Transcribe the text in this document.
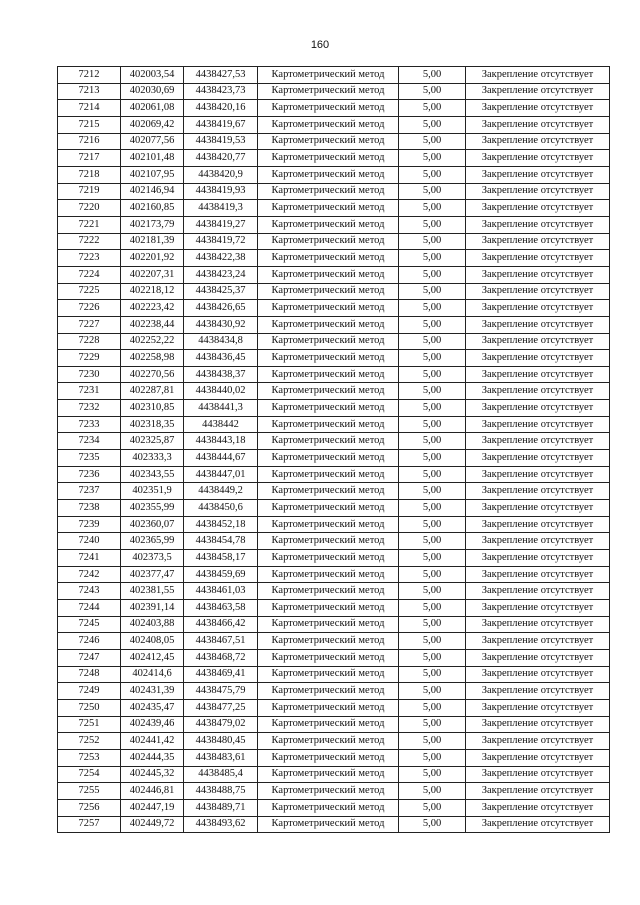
160
7212	402003,54	4438427,53	Картометрический метод	5,00	Закрепление отсутствует
7213	402030,69	4438423,73	Картометрический метод	5,00	Закрепление отсутствует
7214	402061,08	4438420,16	Картометрический метод	5,00	Закрепление отсутствует
7215	402069,42	4438419,67	Картометрический метод	5,00	Закрепление отсутствует
7216	402077,56	4438419,53	Картометрический метод	5,00	Закрепление отсутствует
7217	402101,48	4438420,77	Картометрический метод	5,00	Закрепление отсутствует
7218	402107,95	4438420,9	Картометрический метод	5,00	Закрепление отсутствует
7219	402146,94	4438419,93	Картометрический метод	5,00	Закрепление отсутствует
7220	402160,85	4438419,3	Картометрический метод	5,00	Закрепление отсутствует
7221	402173,79	4438419,27	Картометрический метод	5,00	Закрепление отсутствует
7222	402181,39	4438419,72	Картометрический метод	5,00	Закрепление отсутствует
7223	402201,92	4438422,38	Картометрический метод	5,00	Закрепление отсутствует
7224	402207,31	4438423,24	Картометрический метод	5,00	Закрепление отсутствует
7225	402218,12	4438425,37	Картометрический метод	5,00	Закрепление отсутствует
7226	402223,42	4438426,65	Картометрический метод	5,00	Закрепление отсутствует
7227	402238,44	4438430,92	Картометрический метод	5,00	Закрепление отсутствует
7228	402252,22	4438434,8	Картометрический метод	5,00	Закрепление отсутствует
7229	402258,98	4438436,45	Картометрический метод	5,00	Закрепление отсутствует
7230	402270,56	4438438,37	Картометрический метод	5,00	Закрепление отсутствует
7231	402287,81	4438440,02	Картометрический метод	5,00	Закрепление отсутствует
7232	402310,85	4438441,3	Картометрический метод	5,00	Закрепление отсутствует
7233	402318,35	4438442	Картометрический метод	5,00	Закрепление отсутствует
7234	402325,87	4438443,18	Картометрический метод	5,00	Закрепление отсутствует
7235	402333,3	4438444,67	Картометрический метод	5,00	Закрепление отсутствует
7236	402343,55	4438447,01	Картометрический метод	5,00	Закрепление отсутствует
7237	402351,9	4438449,2	Картометрический метод	5,00	Закрепление отсутствует
7238	402355,99	4438450,6	Картометрический метод	5,00	Закрепление отсутствует
7239	402360,07	4438452,18	Картометрический метод	5,00	Закрепление отсутствует
7240	402365,99	4438454,78	Картометрический метод	5,00	Закрепление отсутствует
7241	402373,5	4438458,17	Картометрический метод	5,00	Закрепление отсутствует
7242	402377,47	4438459,69	Картометрический метод	5,00	Закрепление отсутствует
7243	402381,55	4438461,03	Картометрический метод	5,00	Закрепление отсутствует
7244	402391,14	4438463,58	Картометрический метод	5,00	Закрепление отсутствует
7245	402403,88	4438466,42	Картометрический метод	5,00	Закрепление отсутствует
7246	402408,05	4438467,51	Картометрический метод	5,00	Закрепление отсутствует
7247	402412,45	4438468,72	Картометрический метод	5,00	Закрепление отсутствует
7248	402414,6	4438469,41	Картометрический метод	5,00	Закрепление отсутствует
7249	402431,39	4438475,79	Картометрический метод	5,00	Закрепление отсутствует
7250	402435,47	4438477,25	Картометрический метод	5,00	Закрепление отсутствует
7251	402439,46	4438479,02	Картометрический метод	5,00	Закрепление отсутствует
7252	402441,42	4438480,45	Картометрический метод	5,00	Закрепление отсутствует
7253	402444,35	4438483,61	Картометрический метод	5,00	Закрепление отсутствует
7254	402445,32	4438485,4	Картометрический метод	5,00	Закрепление отсутствует
7255	402446,81	4438488,75	Картометрический метод	5,00	Закрепление отсутствует
7256	402447,19	4438489,71	Картометрический метод	5,00	Закрепление отсутствует
7257	402449,72	4438493,62	Картометрический метод	5,00	Закрепление отсутствует
